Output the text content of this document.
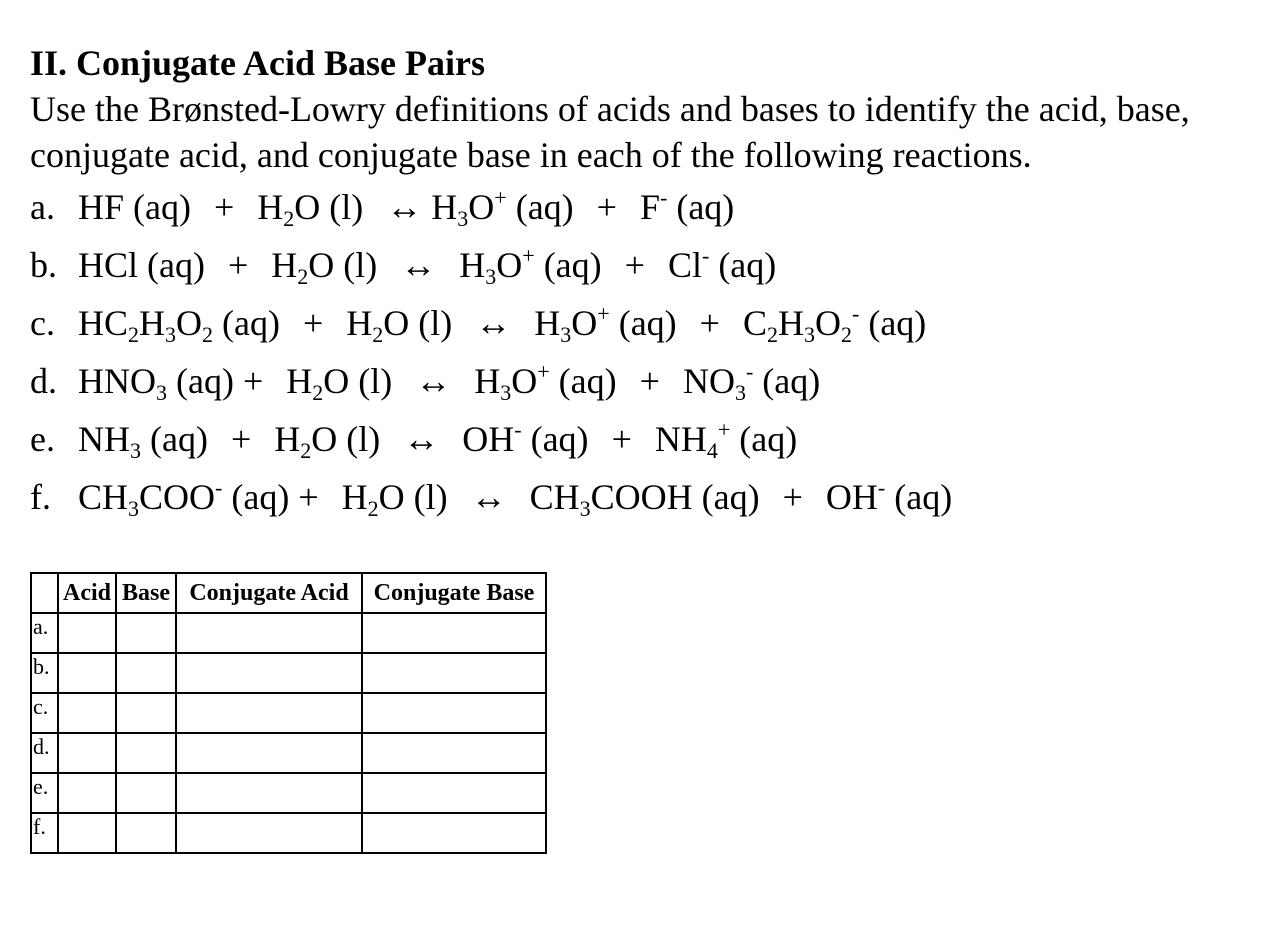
II. Conjugate Acid Base Pairs

Use the Brønsted-Lowry definitions of acids and bases to identify the acid, base, conjugate acid, and conjugate base in each of the following reactions.

a. HF $(aq) + H_2O$ (l) ↔ $H_3O^+$ (aq) + F- (aq)

b. HCl $(aq) + H_2O$ (l) ↔ $H_3O^+$ (aq) + Cl- (aq)

c. $HC_2H_3O_2$ $(aq) + H_2O$ (l) ↔ $H_3O^+$ $(aq) + C_2H_3O_2^-$ (aq)

d. $HNO_3$ $(aq) + H_2O$ (l) ↔ $H_3O^+$ $(aq) + NO_3^-$ (aq)

e. $NH_3$ $(aq) + H_2O$ (l) ↔ OH- $(aq) + NH_4^+$ (aq)

f. $CH_3COO^-$ $(aq) + H_2O$ (l) ↔ $CH_3COOH$ (aq) + OH- (aq)

	Acid	Base	Conjugate Acid	Conjugate Base
a.				
b.				
c.				
d.				
e.				
f.				
